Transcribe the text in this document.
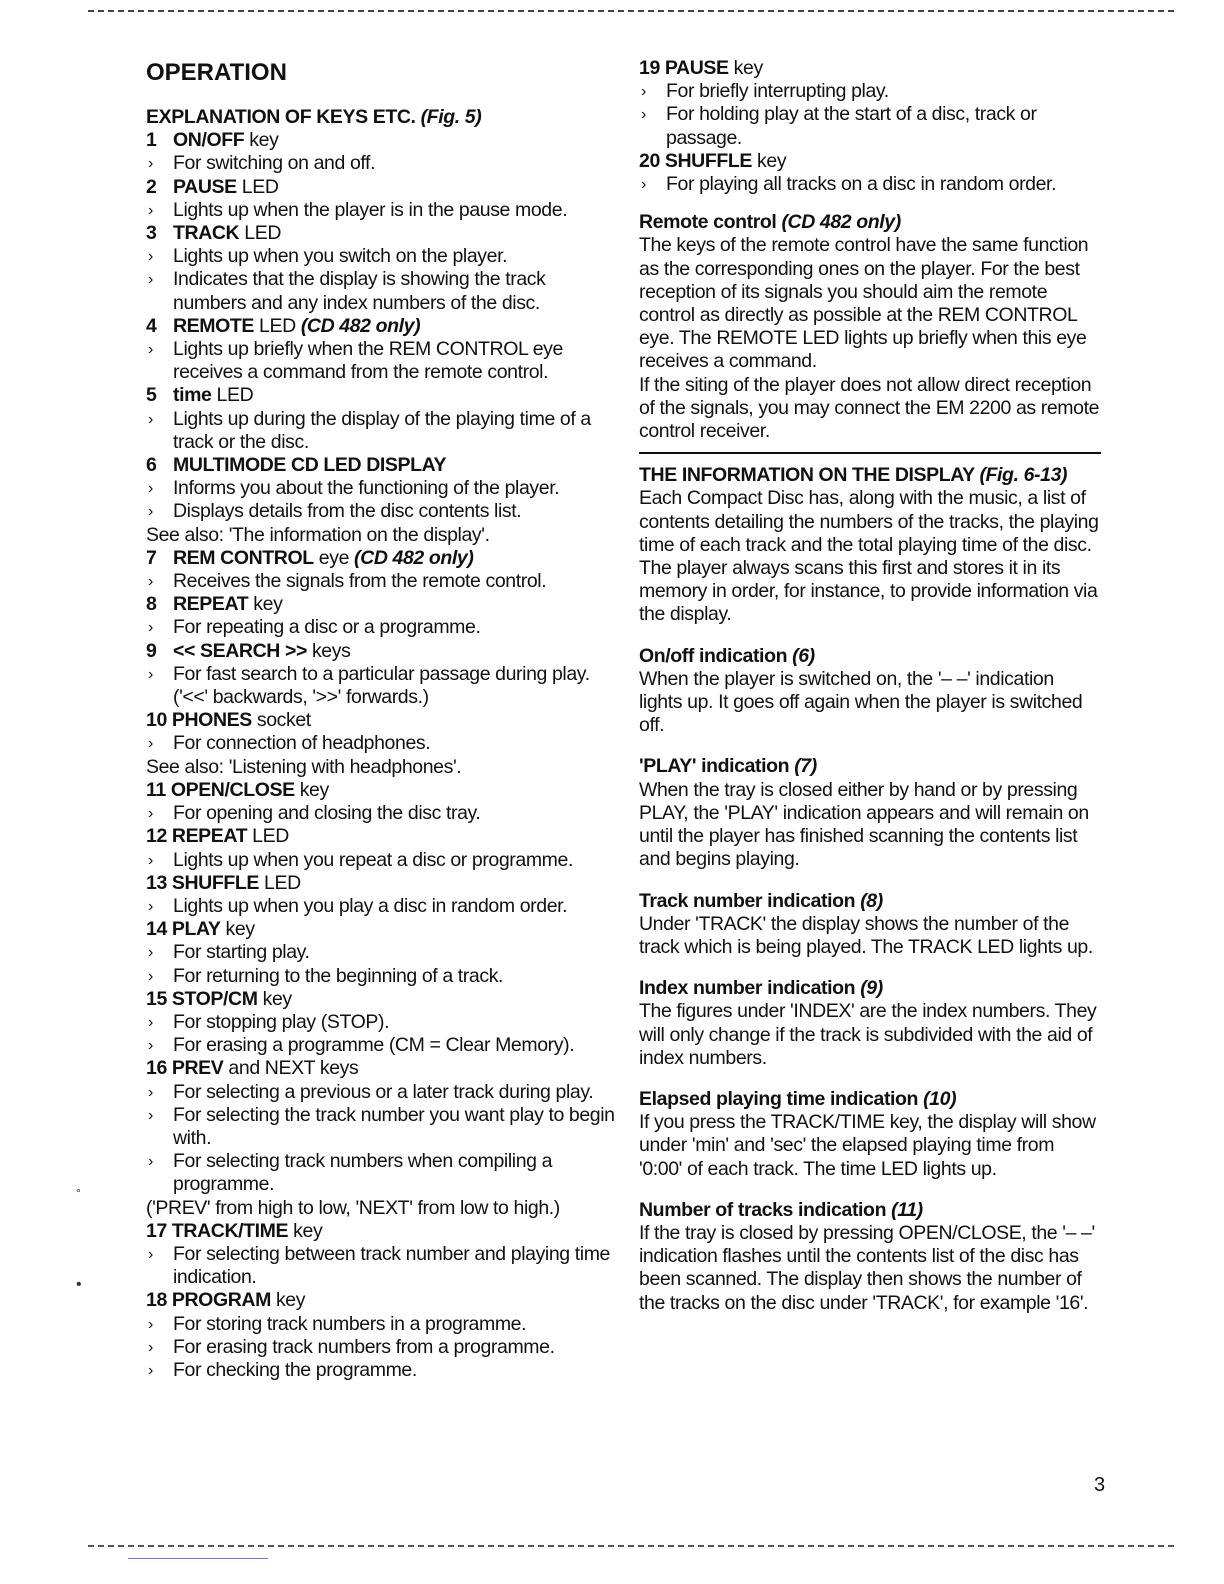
OPERATION
EXPLANATION OF KEYS ETC. (Fig. 5)
1 ON/OFF key
› For switching on and off.
2 PAUSE LED
› Lights up when the player is in the pause mode.
3 TRACK LED
› Lights up when you switch on the player.
› Indicates that the display is showing the track numbers and any index numbers of the disc.
4 REMOTE LED (CD 482 only)
› Lights up briefly when the REM CONTROL eye receives a command from the remote control.
5 time LED
› Lights up during the display of the playing time of a track or the disc.
6 MULTIMODE CD LED DISPLAY
› Informs you about the functioning of the player.
› Displays details from the disc contents list.
See also: 'The information on the display'.
7 REM CONTROL eye (CD 482 only)
› Receives the signals from the remote control.
8 REPEAT key
› For repeating a disc or a programme.
9 << SEARCH >> keys
› For fast search to a particular passage during play. ('<<' backwards, '>>' forwards.)
10 PHONES socket
› For connection of headphones.
See also: 'Listening with headphones'.
11 OPEN/CLOSE key
› For opening and closing the disc tray.
12 REPEAT LED
› Lights up when you repeat a disc or programme.
13 SHUFFLE LED
› Lights up when you play a disc in random order.
14 PLAY key
› For starting play.
› For returning to the beginning of a track.
15 STOP/CM key
› For stopping play (STOP).
› For erasing a programme (CM = Clear Memory).
16 PREV and NEXT keys
› For selecting a previous or a later track during play.
› For selecting the track number you want play to begin with.
› For selecting track numbers when compiling a programme.
('PREV' from high to low, 'NEXT' from low to high.)
17 TRACK/TIME key
› For selecting between track number and playing time indication.
18 PROGRAM key
› For storing track numbers in a programme.
› For erasing track numbers from a programme.
› For checking the programme.
19 PAUSE key
› For briefly interrupting play.
› For holding play at the start of a disc, track or passage.
20 SHUFFLE key
› For playing all tracks on a disc in random order.
Remote control (CD 482 only)
The keys of the remote control have the same function as the corresponding ones on the player. For the best reception of its signals you should aim the remote control as directly as possible at the REM CONTROL eye. The REMOTE LED lights up briefly when this eye receives a command.
If the siting of the player does not allow direct reception of the signals, you may connect the EM 2200 as remote control receiver.
THE INFORMATION ON THE DISPLAY (Fig. 6-13)
Each Compact Disc has, along with the music, a list of contents detailing the numbers of the tracks, the playing time of each track and the total playing time of the disc. The player always scans this first and stores it in its memory in order, for instance, to provide information via the display.
On/off indication (6)
When the player is switched on, the '– –' indication lights up. It goes off again when the player is switched off.
'PLAY' indication (7)
When the tray is closed either by hand or by pressing PLAY, the 'PLAY' indication appears and will remain on until the player has finished scanning the contents list and begins playing.
Track number indication (8)
Under 'TRACK' the display shows the number of the track which is being played. The TRACK LED lights up.
Index number indication (9)
The figures under 'INDEX' are the index numbers. They will only change if the track is subdivided with the aid of index numbers.
Elapsed playing time indication (10)
If you press the TRACK/TIME key, the display will show under 'min' and 'sec' the elapsed playing time from '0:00' of each track. The time LED lights up.
Number of tracks indication (11)
If the tray is closed by pressing OPEN/CLOSE, the '– –' indication flashes until the contents list of the disc has been scanned. The display then shows the number of the tracks on the disc under 'TRACK', for example '16'.
3
°
•
